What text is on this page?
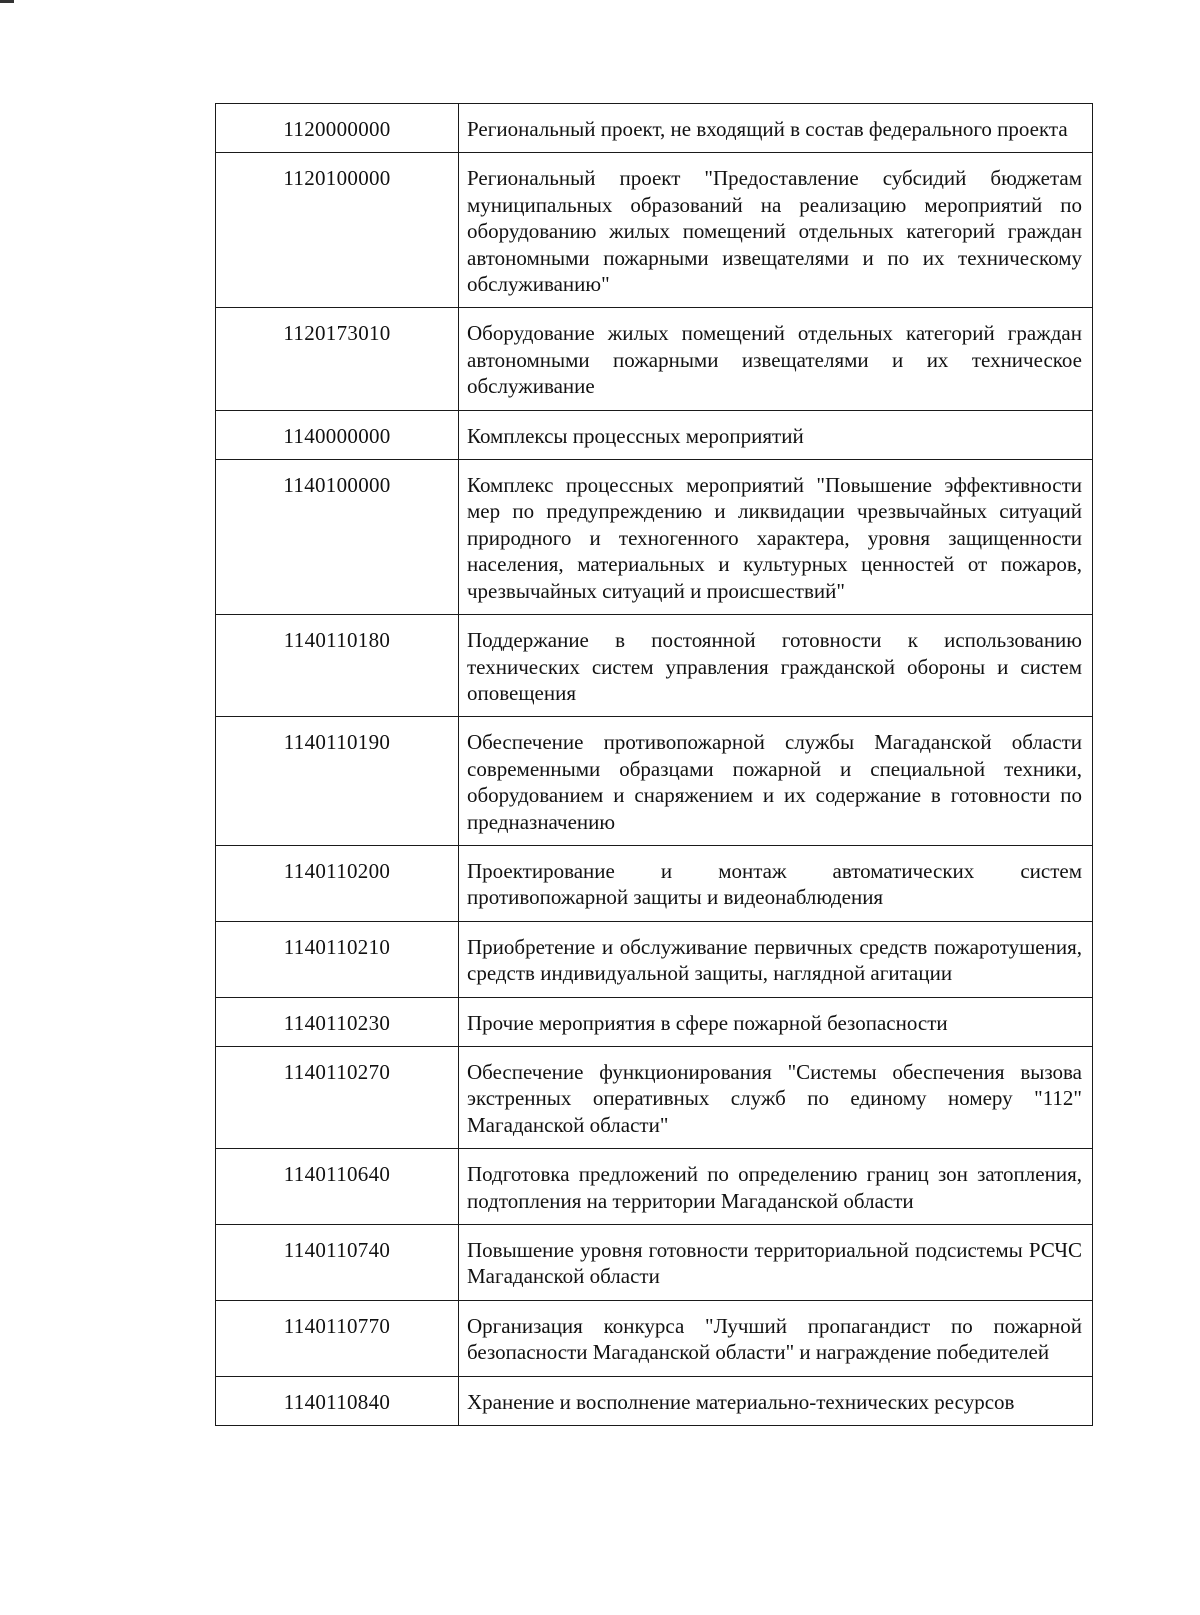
1120000000	Региональный проект, не входящий в состав федерального проекта
1120100000	Региональный проект "Предоставление субсидий бюджетам муниципальных образований на реализацию мероприятий по оборудованию жилых помещений отдельных категорий граждан автономными пожарными извещателями и по их техническому обслуживанию"
1120173010	Оборудование жилых помещений отдельных категорий граждан автономными пожарными извещателями и их техническое обслуживание
1140000000	Комплексы процессных мероприятий
1140100000	Комплекс процессных мероприятий "Повышение эффективности мер по предупреждению и ликвидации чрезвычайных ситуаций природного и техногенного характера, уровня защищенности населения, материальных и культурных ценностей от пожаров, чрезвычайных ситуаций и происшествий"
1140110180	Поддержание в постоянной готовности к использованию технических систем управления гражданской обороны и систем оповещения
1140110190	Обеспечение противопожарной службы Магаданской области современными образцами пожарной и специальной техники, оборудованием и снаряжением и их содержание в готовности по предназначению
1140110200	Проектирование и монтаж автоматических систем противопожарной защиты и видеонаблюдения
1140110210	Приобретение и обслуживание первичных средств пожаротушения, средств индивидуальной защиты, наглядной агитации
1140110230	Прочие мероприятия в сфере пожарной безопасности
1140110270	Обеспечение функционирования "Системы обеспечения вызова экстренных оперативных служб по единому номеру "112" Магаданской области"
1140110640	Подготовка предложений по определению границ зон затопления, подтопления на территории Магаданской области
1140110740	Повышение уровня готовности территориальной подсистемы РСЧС Магаданской области
1140110770	Организация конкурса "Лучший пропагандист по пожарной безопасности Магаданской области" и награждение победителей
1140110840	Хранение и восполнение материально-технических ресурсов
